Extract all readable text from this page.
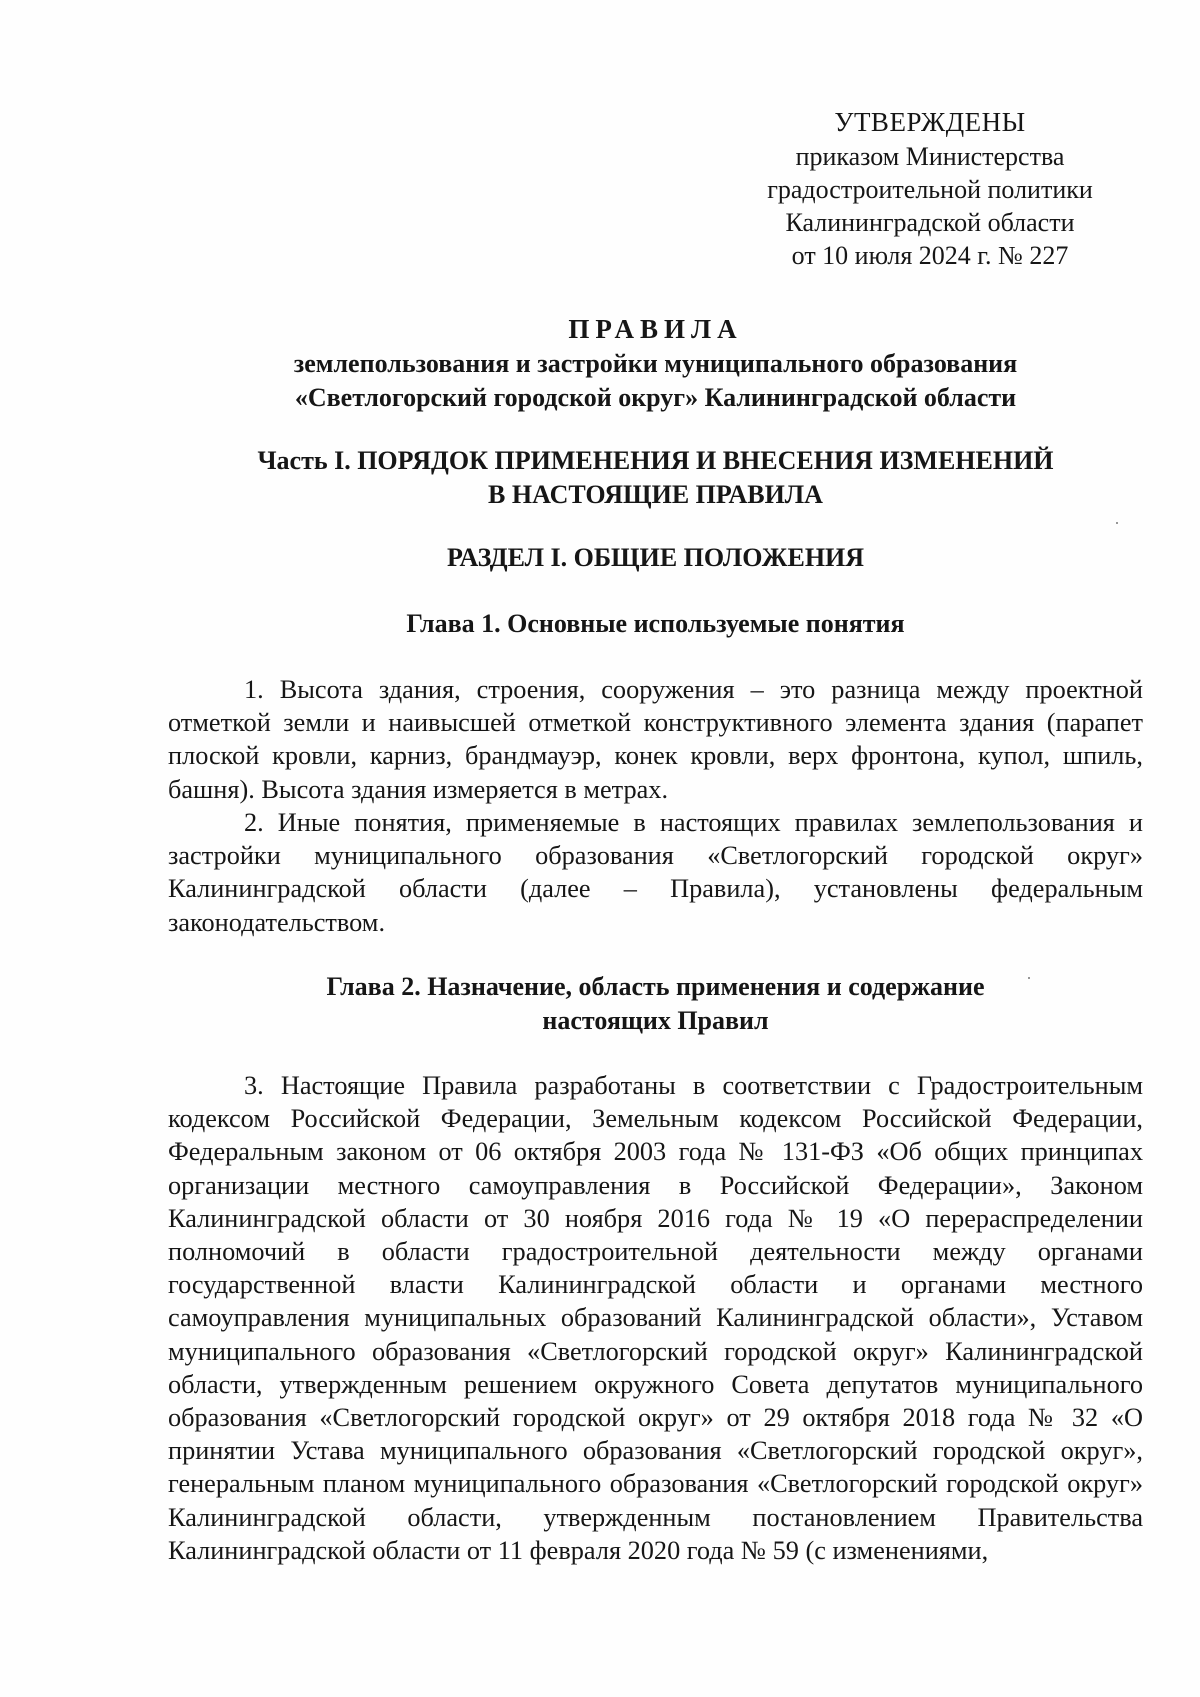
УТВЕРЖДЕНЫ
приказом Министерства
градостроительной политики
Калининградской области
от 10 июля 2024 г. № 227
ПРАВИЛА
землепользования и застройки муниципального образования
«Светлогорский городской округ» Калининградской области
Часть I. ПОРЯДОК ПРИМЕНЕНИЯ И ВНЕСЕНИЯ ИЗМЕНЕНИЙ
В НАСТОЯЩИЕ ПРАВИЛА
РАЗДЕЛ I. ОБЩИЕ ПОЛОЖЕНИЯ
Глава 1. Основные используемые понятия

1. Высота здания, строения, сооружения – это разница между проектной отметкой земли и наивысшей отметкой конструктивного элемента здания (парапет плоской кровли, карниз, брандмауэр, конек кровли, верх фронтона, купол, шпиль, башня). Высота здания измеряется в метрах.

2. Иные понятия, применяемые в настоящих правилах землепользования и застройки муниципального образования «Светлогорский городской округ» Калининградской области (далее – Правила), установлены федеральным законодательством.

Глава 2. Назначение, область применения и содержание
настоящих Правил

3. Настоящие Правила разработаны в соответствии с Градостроительным кодексом Российской Федерации, Земельным кодексом Российской Федерации, Федеральным законом от 06 октября 2003 года № 131-ФЗ «Об общих принципах организации местного самоуправления в Российской Федерации», Законом Калининградской области от 30 ноября 2016 года № 19 «О перераспределении полномочий в области градостроительной деятельности между органами государственной власти Калининградской области и органами местного самоуправления муниципальных образований Калининградской области», Уставом муниципального образования «Светлогорский городской округ» Калининградской области, утвержденным решением окружного Совета депутатов муниципального образования «Светлогорский городской округ» от 29 октября 2018 года № 32 «О принятии Устава муниципального образования «Светлогорский городской округ», генеральным планом муниципального образования «Светлогорский городской округ» Калининградской области, утвержденным постановлением Правительства Калининградской области от 11 февраля 2020 года № 59 (с изменениями,
